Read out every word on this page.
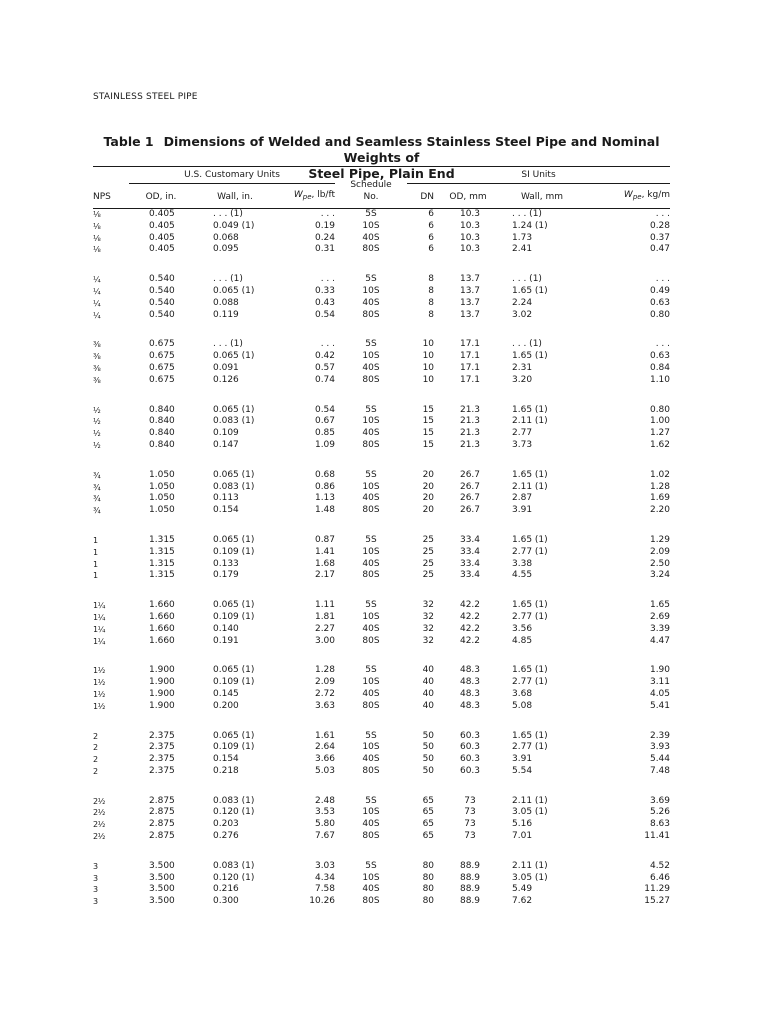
STAINLESS STEEL PIPE
Table 1 Dimensions of Welded and Seamless Stainless Steel Pipe and Nominal Weights of
Steel Pipe, Plain End

	U.S. Customary Units			Schedule
No.	SI Units			

NPS	OD, in.	Wall, in.	$W_{pe}$, lb/ft		DN	OD, mm	Wall, mm	$W_{pe}$, kg/m
⅛	0.405	. . . (1)	. . .	5S	6	10.3	. . . (1)	. . .
⅛	0.405	0.049 (1)	0.19	10S	6	10.3	1.24 (1)	0.28
⅛	0.405	0.068	0.24	40S	6	10.3	1.73	0.37
⅛	0.405	0.095	0.31	80S	6	10.3	2.41	0.47

¼	0.540	. . . (1)	. . .	5S	8	13.7	. . . (1)	. . .
¼	0.540	0.065 (1)	0.33	10S	8	13.7	1.65 (1)	0.49
¼	0.540	0.088	0.43	40S	8	13.7	2.24	0.63
¼	0.540	0.119	0.54	80S	8	13.7	3.02	0.80

⅜	0.675	. . . (1)	. . .	5S	10	17.1	. . . (1)	. . .
⅜	0.675	0.065 (1)	0.42	10S	10	17.1	1.65 (1)	0.63
⅜	0.675	0.091	0.57	40S	10	17.1	2.31	0.84
⅜	0.675	0.126	0.74	80S	10	17.1	3.20	1.10

½	0.840	0.065 (1)	0.54	5S	15	21.3	1.65 (1)	0.80
½	0.840	0.083 (1)	0.67	10S	15	21.3	2.11 (1)	1.00
½	0.840	0.109	0.85	40S	15	21.3	2.77	1.27
½	0.840	0.147	1.09	80S	15	21.3	3.73	1.62

¾	1.050	0.065 (1)	0.68	5S	20	26.7	1.65 (1)	1.02
¾	1.050	0.083 (1)	0.86	10S	20	26.7	2.11 (1)	1.28
¾	1.050	0.113	1.13	40S	20	26.7	2.87	1.69
¾	1.050	0.154	1.48	80S	20	26.7	3.91	2.20

1	1.315	0.065 (1)	0.87	5S	25	33.4	1.65 (1)	1.29
1	1.315	0.109 (1)	1.41	10S	25	33.4	2.77 (1)	2.09
1	1.315	0.133	1.68	40S	25	33.4	3.38	2.50
1	1.315	0.179	2.17	80S	25	33.4	4.55	3.24

1¼	1.660	0.065 (1)	1.11	5S	32	42.2	1.65 (1)	1.65
1¼	1.660	0.109 (1)	1.81	10S	32	42.2	2.77 (1)	2.69
1¼	1.660	0.140	2.27	40S	32	42.2	3.56	3.39
1¼	1.660	0.191	3.00	80S	32	42.2	4.85	4.47

1½	1.900	0.065 (1)	1.28	5S	40	48.3	1.65 (1)	1.90
1½	1.900	0.109 (1)	2.09	10S	40	48.3	2.77 (1)	3.11
1½	1.900	0.145	2.72	40S	40	48.3	3.68	4.05
1½	1.900	0.200	3.63	80S	40	48.3	5.08	5.41

2	2.375	0.065 (1)	1.61	5S	50	60.3	1.65 (1)	2.39
2	2.375	0.109 (1)	2.64	10S	50	60.3	2.77 (1)	3.93
2	2.375	0.154	3.66	40S	50	60.3	3.91	5.44
2	2.375	0.218	5.03	80S	50	60.3	5.54	7.48

2½	2.875	0.083 (1)	2.48	5S	65	73	2.11 (1)	3.69
2½	2.875	0.120 (1)	3.53	10S	65	73	3.05 (1)	5.26
2½	2.875	0.203	5.80	40S	65	73	5.16	8.63
2½	2.875	0.276	7.67	80S	65	73	7.01	11.41

3	3.500	0.083 (1)	3.03	5S	80	88.9	2.11 (1)	4.52
3	3.500	0.120 (1)	4.34	10S	80	88.9	3.05 (1)	6.46
3	3.500	0.216	7.58	40S	80	88.9	5.49	11.29
3	3.500	0.300	10.26	80S	80	88.9	7.62	15.27
